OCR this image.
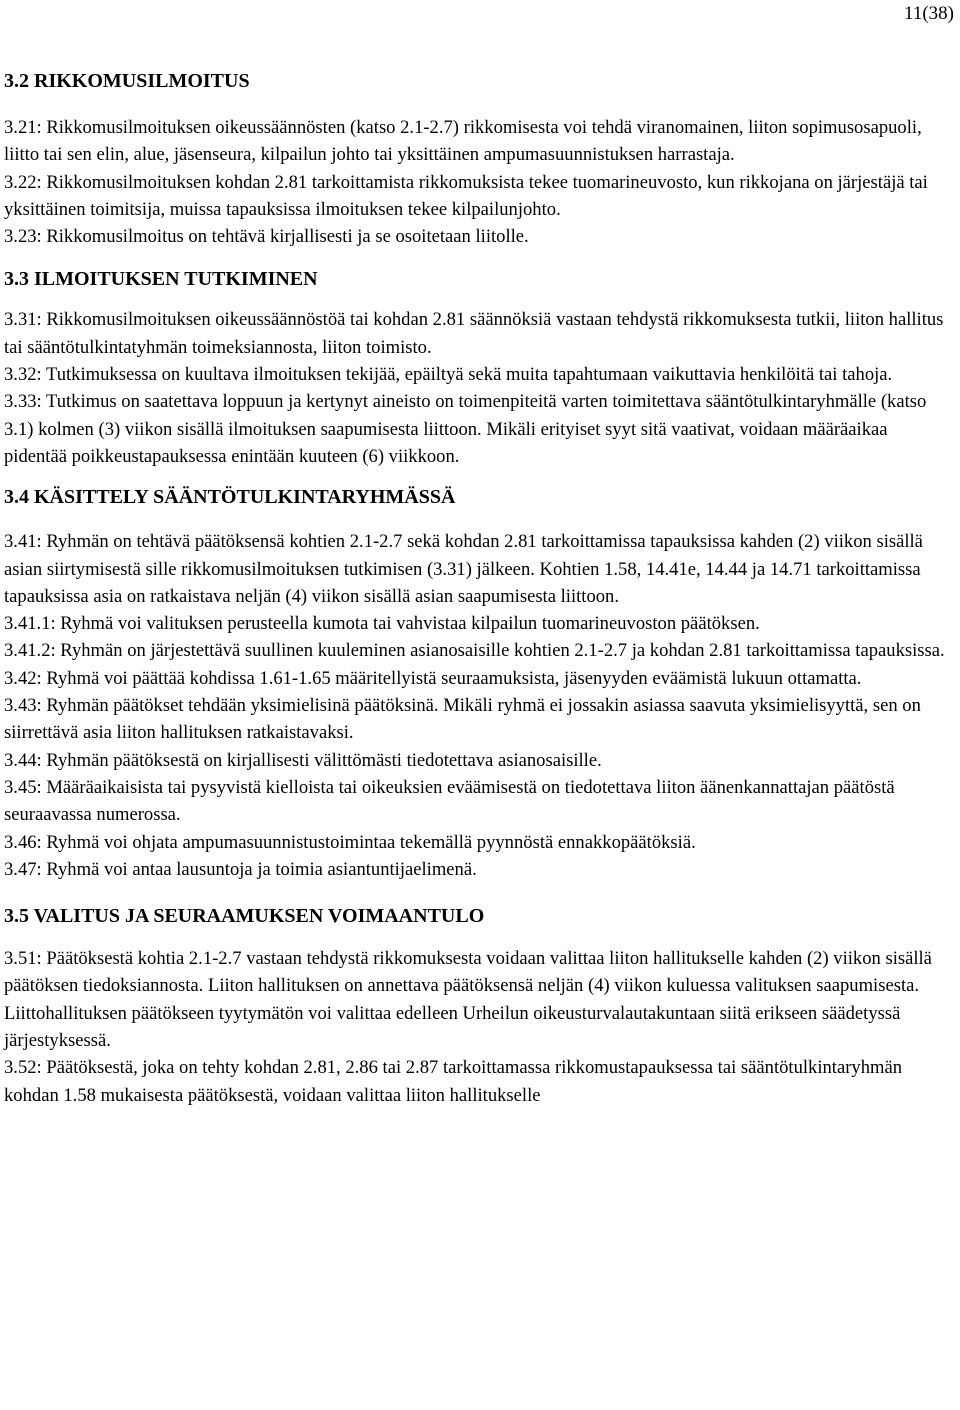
11(38)
3.2 RIKKOMUSILMOITUS

3.21: Rikkomusilmoituksen oikeussäännösten (katso 2.1-2.7) rikkomisesta voi tehdä viranomainen, liiton sopimusosapuoli, liitto tai sen elin, alue, jäsenseura, kilpailun johto tai yksittäinen ampumasuunnistuksen harrastaja.

3.22: Rikkomusilmoituksen kohdan 2.81 tarkoittamista rikkomuksista tekee tuomarineuvosto, kun rikkojana on järjestäjä tai yksittäinen toimitsija, muissa tapauksissa ilmoituksen tekee kilpailunjohto.

3.23: Rikkomusilmoitus on tehtävä kirjallisesti ja se osoitetaan liitolle.

3.3 ILMOITUKSEN TUTKIMINEN

3.31: Rikkomusilmoituksen oikeussäännöstöä tai kohdan 2.81 säännöksiä vastaan tehdystä rikkomuksesta tutkii, liiton hallitus tai sääntötulkintatyhmän toimeksiannosta, liiton toimisto.

3.32: Tutkimuksessa on kuultava ilmoituksen tekijää, epäiltyä sekä muita tapahtumaan vaikuttavia henkilöitä tai tahoja.

3.33: Tutkimus on saatettava loppuun ja kertynyt aineisto on toimenpiteitä varten toimitettava sääntötulkintaryhmälle (katso 3.1) kolmen (3) viikon sisällä ilmoituksen saapumisesta liittoon. Mikäli erityiset syyt sitä vaativat, voidaan määräaikaa pidentää poikkeustapauksessa enintään kuuteen (6) viikkoon.

3.4 KÄSITTELY SÄÄNTÖTULKINTARYHMÄSSÄ

3.41: Ryhmän on tehtävä päätöksensä kohtien 2.1-2.7 sekä kohdan 2.81 tarkoittamissa tapauksissa kahden (2) viikon sisällä asian siirtymisestä sille rikkomusilmoituksen tutkimisen (3.31) jälkeen. Kohtien 1.58, 14.41e, 14.44 ja 14.71 tarkoittamissa tapauksissa asia on ratkaistava neljän (4) viikon sisällä asian saapumisesta liittoon.

3.41.1: Ryhmä voi valituksen perusteella kumota tai vahvistaa kilpailun tuomarineuvoston päätöksen.

3.41.2: Ryhmän on järjestettävä suullinen kuuleminen asianosaisille kohtien 2.1-2.7 ja kohdan 2.81 tarkoittamissa tapauksissa.

3.42: Ryhmä voi päättää kohdissa 1.61-1.65 määritellyistä seuraamuksista, jäsenyyden eväämistä lukuun ottamatta.

3.43: Ryhmän päätökset tehdään yksimielisinä päätöksinä. Mikäli ryhmä ei jossakin asiassa saavuta yksimielisyyttä, sen on siirrettävä asia liiton hallituksen ratkaistavaksi.

3.44: Ryhmän päätöksestä on kirjallisesti välittömästi tiedotettava asianosaisille.

3.45: Määräaikaisista tai pysyvistä kielloista tai oikeuksien eväämisestä on tiedotettava liiton äänenkannattajan päätöstä seuraavassa numerossa.

3.46: Ryhmä voi ohjata ampumasuunnistustoimintaa tekemällä pyynnöstä ennakkopäätöksiä.

3.47: Ryhmä voi antaa lausuntoja ja toimia asiantuntijaelimenä.

3.5 VALITUS JA SEURAAMUKSEN VOIMAANTULO

3.51: Päätöksestä kohtia 2.1-2.7 vastaan tehdystä rikkomuksesta voidaan valittaa liiton hallitukselle kahden (2) viikon sisällä päätöksen tiedoksiannosta. Liiton hallituksen on annettava päätöksensä neljän (4) viikon kuluessa valituksen saapumisesta. Liittohallituksen päätökseen tyytymätön voi valittaa edelleen Urheilun oikeusturvalautakuntaan siitä erikseen säädetyssä järjestyksessä.

3.52: Päätöksestä, joka on tehty kohdan 2.81, 2.86 tai 2.87 tarkoittamassa rikkomustapauksessa tai sääntötulkintaryhmän kohdan 1.58 mukaisesta päätöksestä, voidaan valittaa liiton hallitukselle
